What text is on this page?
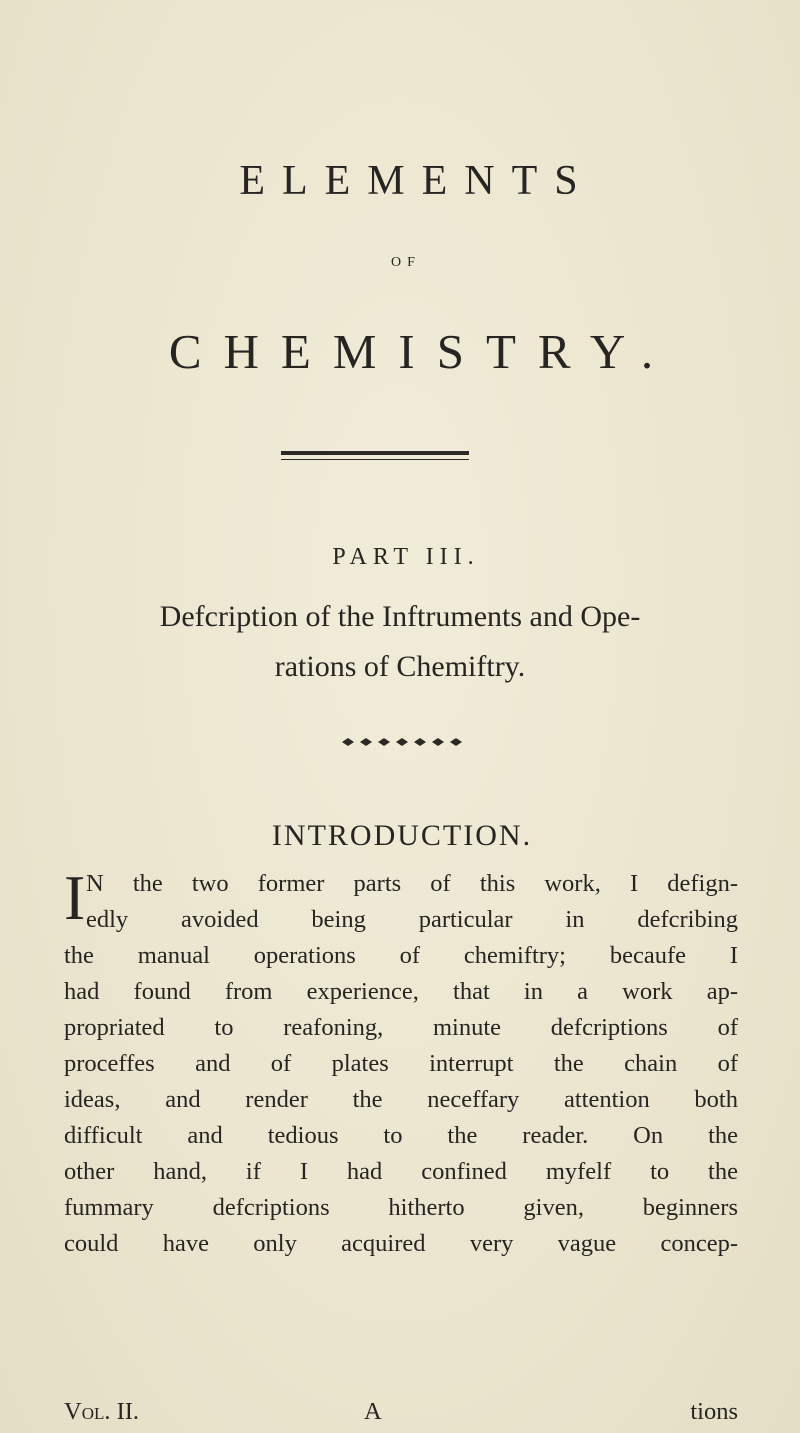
ELEMENTS
OF
CHEMISTRY.
PART III.
Defcription of the Inftruments and Ope-
rations of Chemiftry.
INTRODUCTION.
I N the two former parts of this work, I defign-
edly avoided being particular in defcribing
the manual operations of chemiftry; becaufe I
had found from experience, that in a work ap-
propriated to reafoning, minute defcriptions of
proceffes and of plates interrupt the chain of
ideas, and render the neceffary attention both
difficult and tedious to the reader. On the
other hand, if I had confined myfelf to the
fummary defcriptions hitherto given, beginners
could have only acquired very vague concep-
Vol. II.	A	tions
